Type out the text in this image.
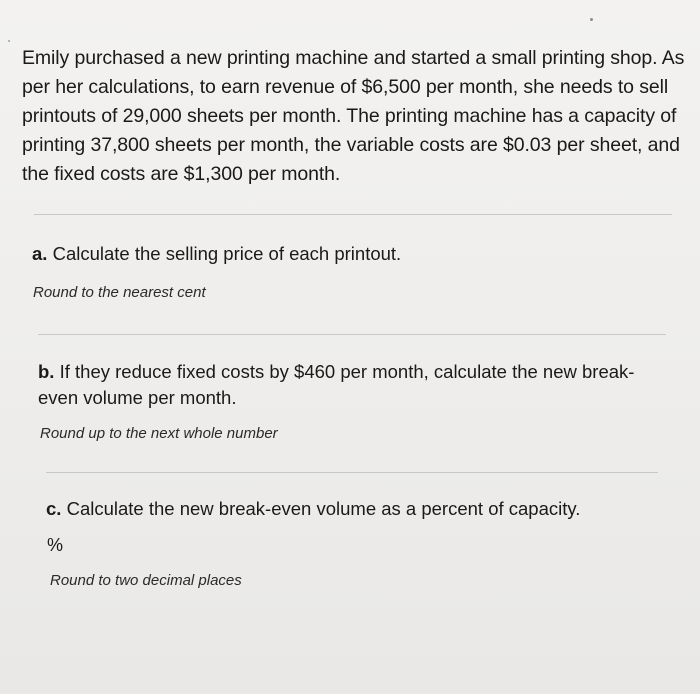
Emily purchased a new printing machine and started a small printing shop. As per her calculations, to earn revenue of $6,500 per month, she needs to sell printouts of 29,000 sheets per month. The printing machine has a capacity of printing 37,800 sheets per month, the variable costs are $0.03 per sheet, and the fixed costs are $1,300 per month.
a. Calculate the selling price of each printout.
Round to the nearest cent
b. If they reduce fixed costs by $460 per month, calculate the new break-even volume per month.
Round up to the next whole number
c. Calculate the new break-even volume as a percent of capacity.
%
Round to two decimal places
